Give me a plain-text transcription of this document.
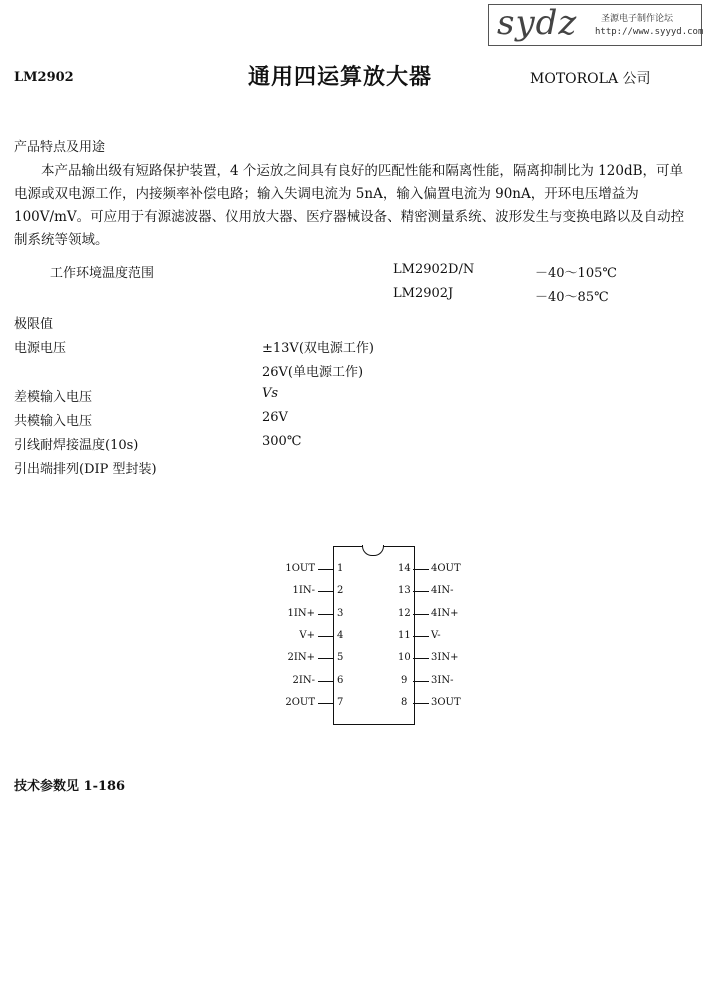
sydz	圣源电子制作论坛
http://www.syyyd.com
LM2902	通用四运算放大器	MOTOROLA 公司
产品特点及用途
本产品输出级有短路保护装置，4 个运放之间具有良好的匹配性能和隔离性能，隔离抑制比为 120dB，可单电源或双电源工作，内接频率补偿电路；输入失调电流为 5nA，输入偏置电流为 90nA，开环电压增益为 100V/mV。可应用于有源滤波器、仪用放大器、医疗器械设备、精密测量系统、波形发生与变换电路以及自动控制系统等领域。
工作环境温度范围	LM2902D/N	－40～105℃
LM2902J	－40～85℃
极限值
电源电压	±13V(双电源工作)
26V(单电源工作)
差模输入电压	Vs
共模输入电压	26V
引线耐焊接温度(10s)	300℃
引出端排列(DIP 型封装)
1OUT 1
1IN- 2
1IN+ 3
V+ 4
2IN+ 5
2IN- 6
2OUT 7
14 4OUT
13 4IN-
12 4IN+
11 V-
10 3IN+
9 3IN-
8 3OUT
技术参数见 1-186
